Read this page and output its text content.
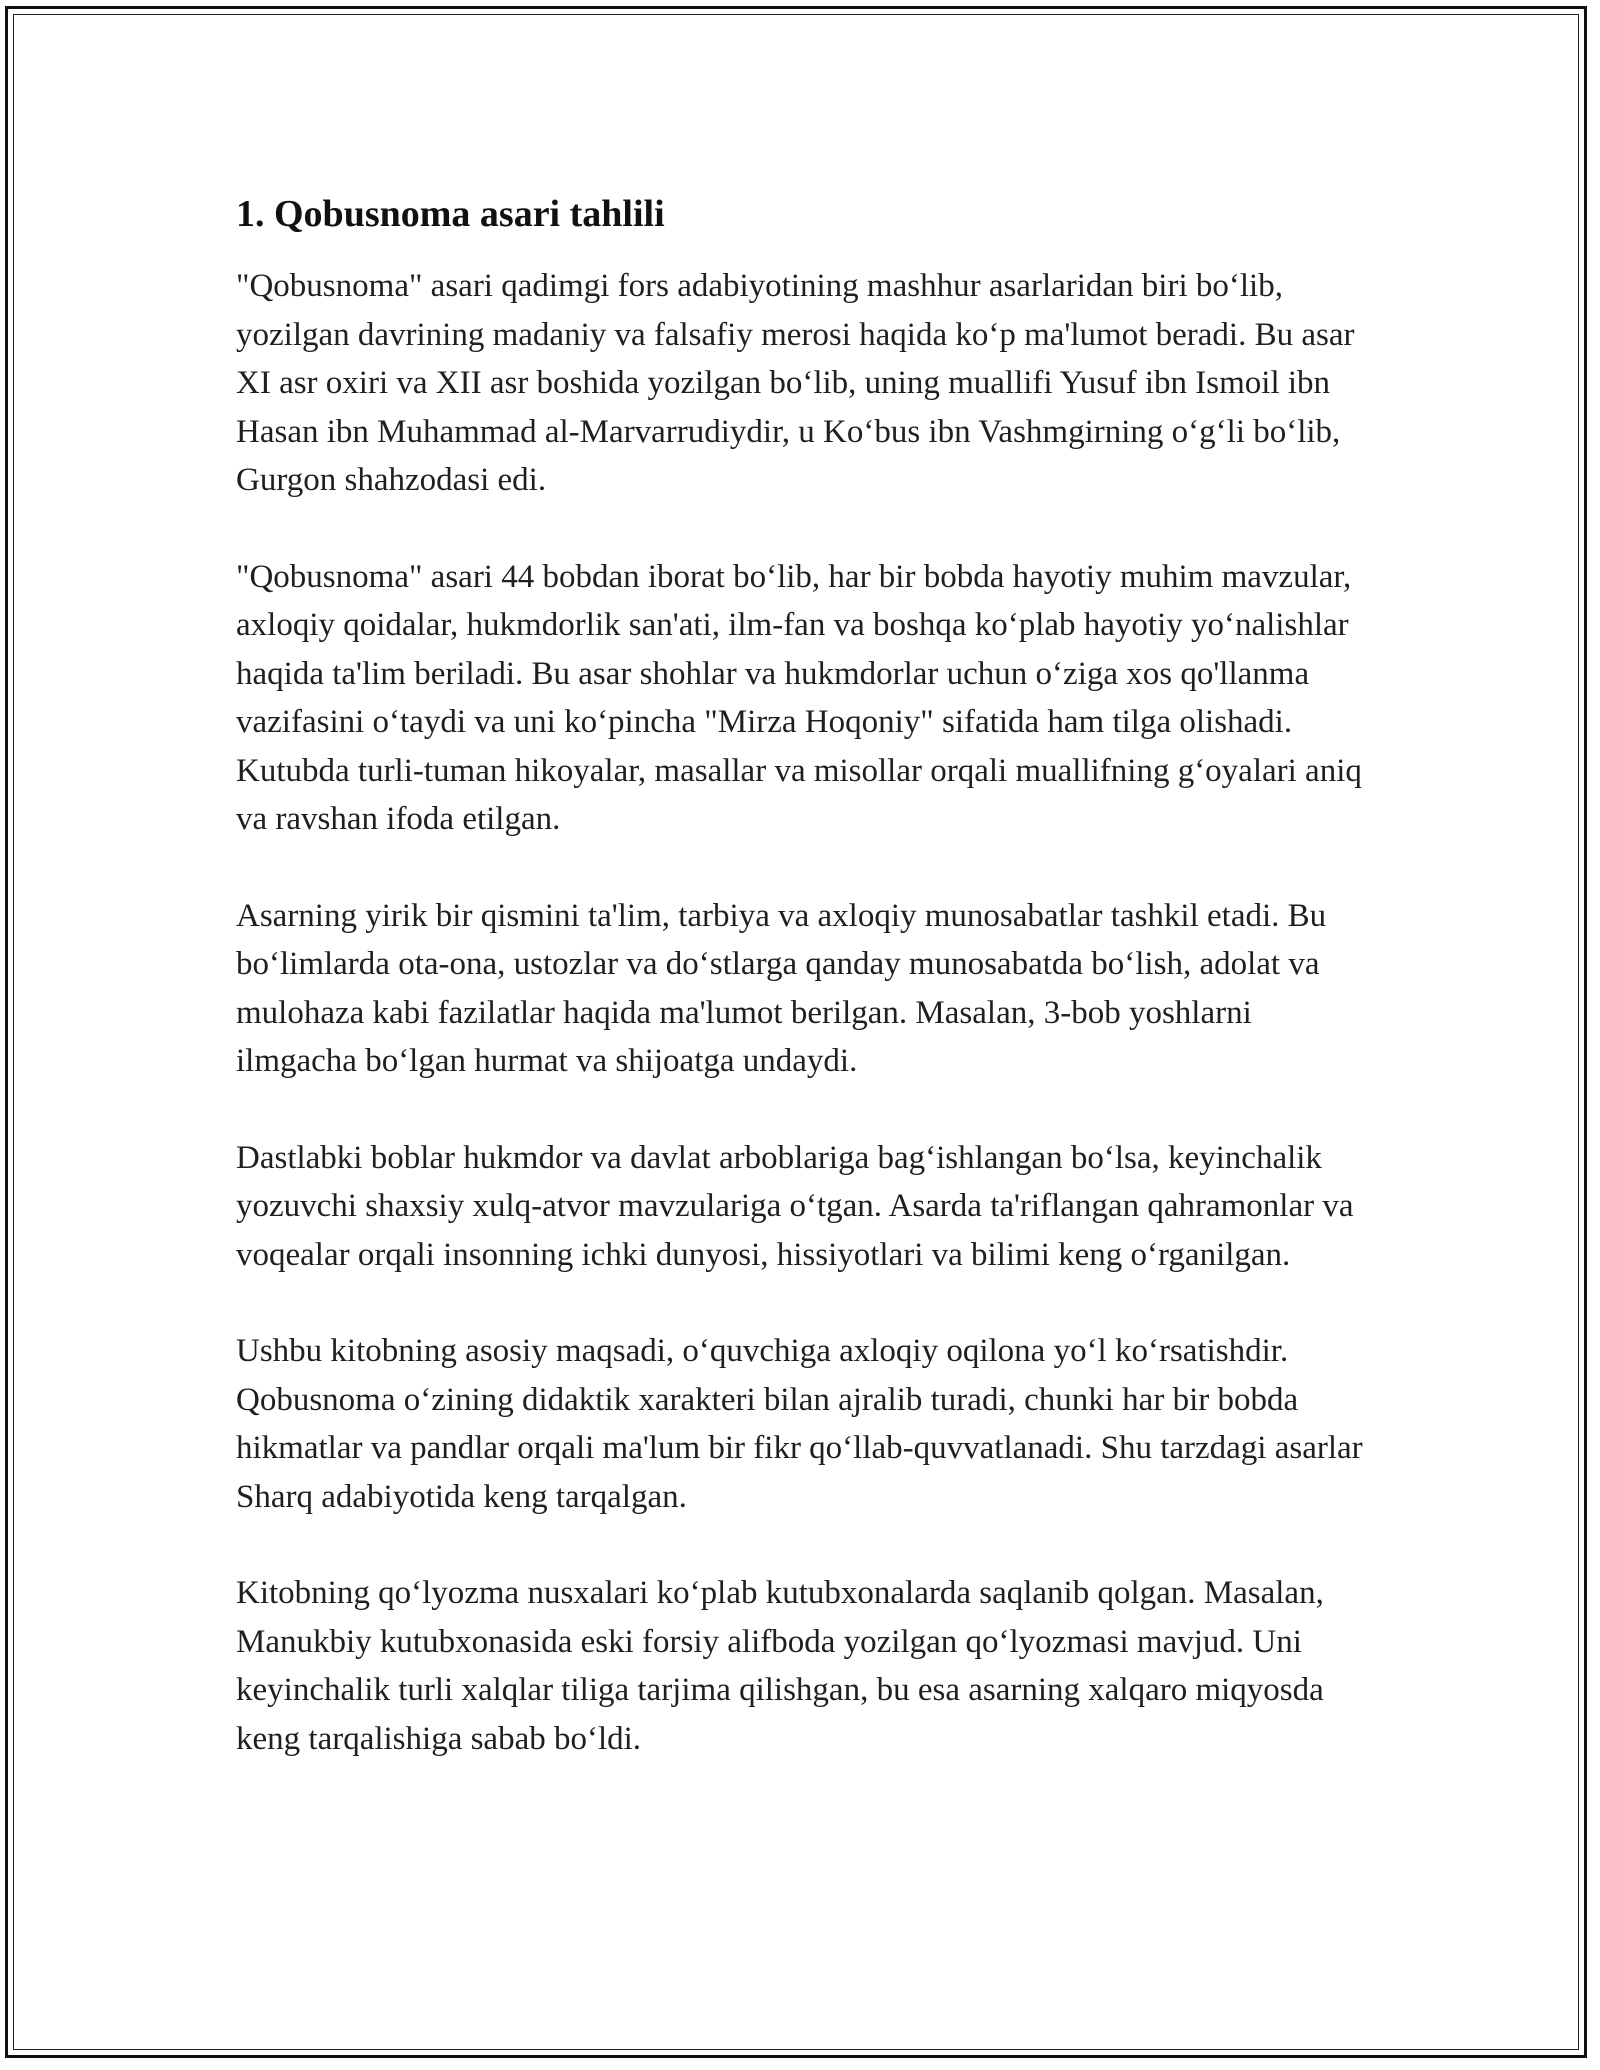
1. Qobusnoma asari tahlili

"Qobusnoma" asari qadimgi fors adabiyotining mashhur asarlaridan biri boʻlib, yozilgan davrining madaniy va falsafiy merosi haqida koʻp ma'lumot beradi. Bu asar XI asr oxiri va XII asr boshida yozilgan boʻlib, uning muallifi Yusuf ibn Ismoil ibn Hasan ibn Muhammad al-Marvarrudiydir, u Koʻbus ibn Vashmgirning oʻgʻli boʻlib, Gurgon shahzodasi edi.

"Qobusnoma" asari 44 bobdan iborat boʻlib, har bir bobda hayotiy muhim mavzular, axloqiy qoidalar, hukmdorlik san'ati, ilm-fan va boshqa koʻplab hayotiy yoʻnalishlar haqida ta'lim beriladi. Bu asar shohlar va hukmdorlar uchun oʻziga xos qo'llanma vazifasini oʻtaydi va uni koʻpincha "Mirza Hoqoniy" sifatida ham tilga olishadi. Kutubda turli-tuman hikoyalar, masallar va misollar orqali muallifning gʻoyalari aniq va ravshan ifoda etilgan.

Asarning yirik bir qismini ta'lim, tarbiya va axloqiy munosabatlar tashkil etadi. Bu boʻlimlarda ota-ona, ustozlar va doʻstlarga qanday munosabatda boʻlish, adolat va mulohaza kabi fazilatlar haqida ma'lumot berilgan. Masalan, 3-bob yoshlarni ilmgacha boʻlgan hurmat va shijoatga undaydi.

Dastlabki boblar hukmdor va davlat arboblariga bagʻishlangan boʻlsa, keyinchalik yozuvchi shaxsiy xulq-atvor mavzulariga oʻtgan. Asarda ta'riflangan qahramonlar va voqealar orqali insonning ichki dunyosi, hissiyotlari va bilimi keng oʻrganilgan.

Ushbu kitobning asosiy maqsadi, oʻquvchiga axloqiy oqilona yoʻl koʻrsatishdir. Qobusnoma oʻzining didaktik xarakteri bilan ajralib turadi, chunki har bir bobda hikmatlar va pandlar orqali ma'lum bir fikr qoʻllab-quvvatlanadi. Shu tarzdagi asarlar Sharq adabiyotida keng tarqalgan.

Kitobning qoʻlyozma nusxalari koʻplab kutubxonalarda saqlanib qolgan. Masalan, Manukbiy kutubxonasida eski forsiy alifboda yozilgan qoʻlyozmasi mavjud. Uni keyinchalik turli xalqlar tiliga tarjima qilishgan, bu esa asarning xalqaro miqyosda keng tarqalishiga sabab boʻldi.
